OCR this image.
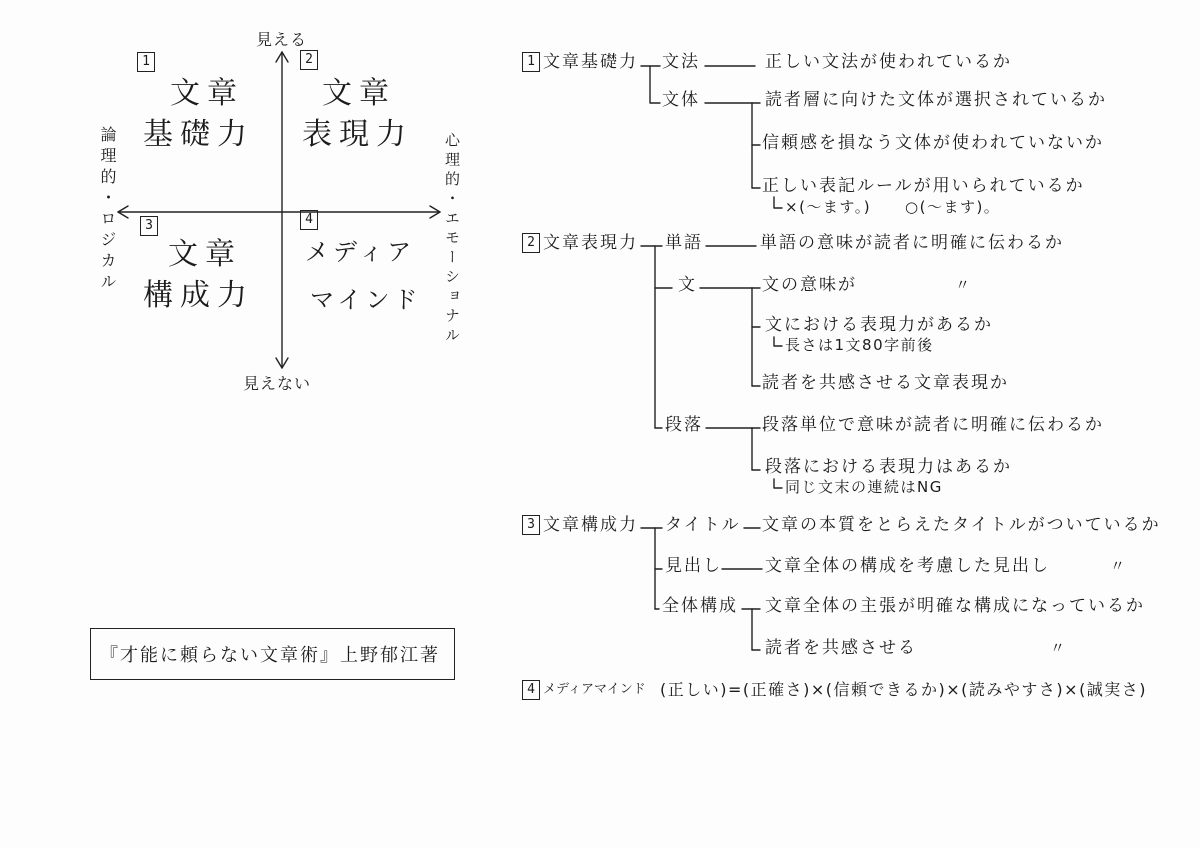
見える
見えない
論理的・ロジカル	心理的・エモーショナル
1
文章
基礎力
2
文章
表現力
3
文章
構成力
4
メディア
マインド
『才能に頼らない文章術』上野郁江著
1 文章基礎力 文法	正しい文法が使われているか
文体	読者層に向けた文体が選択されているか
信頼感を損なう文体が使われていないか
正しい表記ルールが用いられているか
×(〜ます。) ○(〜ます)。
2 文章表現力 単語	単語の意味が読者に明確に伝わるか
文	文の意味が	〃
文における表現力があるか
長さは1文80字前後
読者を共感させる文章表現か
段落	段落単位で意味が読者に明確に伝わるか
段落における表現力はあるか
同じ文末の連続はNG
3 文章構成力 タイトル 文章の本質をとらえたタイトルがついているか
見出し	文章全体の構成を考慮した見出し	〃
全体構成 文章全体の主張が明確な構成になっているか
読者を共感させる	〃
4 メディアマインド (正しい)=(正確さ)×(信頼できるか)×(読みやすさ)×(誠実さ)
